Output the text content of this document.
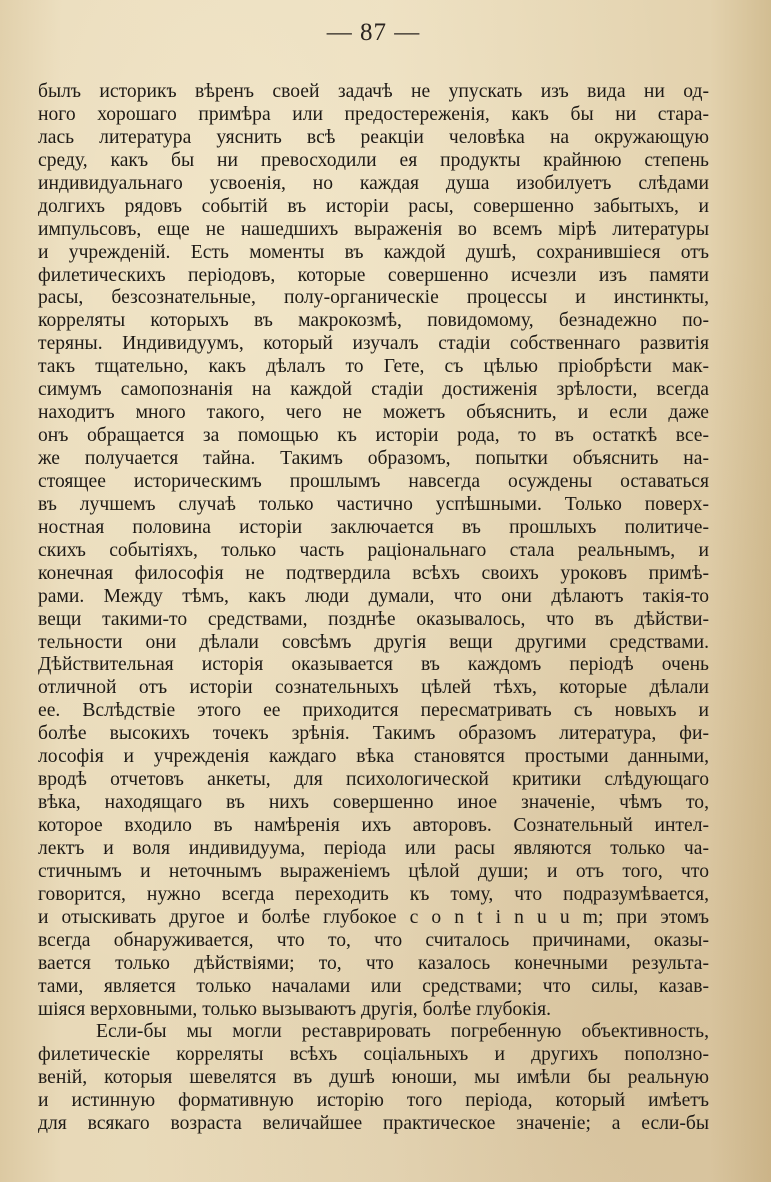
— 87 —
былъ историкъ вѣренъ своей задачѣ не упускать изъ вида ни од-
ного хорошаго примѣра или предостереженія, какъ бы ни стара-
лась литература уяснить всѣ реакціи человѣка на окружающую
среду, какъ бы ни превосходили ея продукты крайнюю степень
индивидуальнаго усвоенія, но каждая душа изобилуетъ слѣдами
долгихъ рядовъ событій въ исторіи расы, совершенно забытыхъ, и
импульсовъ, еще не нашедшихъ выраженія во всемъ мірѣ литературы
и учрежденій. Есть моменты въ каждой душѣ, сохранившіеся отъ
филетическихъ періодовъ, которые совершенно исчезли изъ памяти
расы, безсознательные, полу-органическіе процессы и инстинкты,
корреляты которыхъ въ макрокозмѣ, повидомому, безнадежно по-
теряны. Индивидуумъ, который изучалъ стадіи собственнаго развитія
такъ тщательно, какъ дѣлалъ то Гете, съ цѣлью пріобрѣсти мак-
симумъ самопознанія на каждой стадіи достиженія зрѣлости, всегда
находитъ много такого, чего не можетъ объяснить, и если даже
онъ обращается за помощью къ исторіи рода, то въ остаткѣ все-
же получается тайна. Такимъ образомъ, попытки объяснить на-
стоящее историческимъ прошлымъ навсегда осуждены оставаться
въ лучшемъ случаѣ только частично успѣшными. Только поверх-
ностная половина исторіи заключается въ прошлыхъ политиче-
скихъ событіяхъ, только часть раціональнаго стала реальнымъ, и
конечная философія не подтвердила всѣхъ своихъ уроковъ примѣ-
рами. Между тѣмъ, какъ люди думали, что они дѣлаютъ такія-то
вещи такими-то средствами, позднѣе оказывалось, что въ дѣйстви-
тельности они дѣлали совсѣмъ другія вещи другими средствами.
Дѣйствительная исторія оказывается въ каждомъ періодѣ очень
отличной отъ исторіи сознательныхъ цѣлей тѣхъ, которые дѣлали
ее. Вслѣдствіе этого ее приходится пересматривать съ новыхъ и
болѣе высокихъ точекъ зрѣнія. Такимъ образомъ литература, фи-
лософія и учрежденія каждаго вѣка становятся простыми данными,
вродѣ отчетовъ анкеты, для психологической критики слѣдующаго
вѣка, находящаго въ нихъ совершенно иное значеніе, чѣмъ то,
которое входило въ намѣренія ихъ авторовъ. Сознательный интел-
лектъ и воля индивидуума, періода или расы являются только ча-
стичнымъ и неточнымъ выраженіемъ цѣлой души; и отъ того, что
говорится, нужно всегда переходить къ тому, что подразумѣвается,
и отыскивать другое и болѣе глубокое c o n t i n u u m; при этомъ
всегда обнаруживается, что то, что считалось причинами, оказы-
вается только дѣйствіями; то, что казалось конечными результа-
тами, является только началами или средствами; что силы, казав-
шіяся верховными, только вызываютъ другія, болѣе глубокія.
Если-бы мы могли реставрировать погребенную объективность,
филетическіе корреляты всѣхъ соціальныхъ и другихъ поползно-
веній, которыя шевелятся въ душѣ юноши, мы имѣли бы реальную
и истинную формативную исторію того періода, который имѣетъ
для всякаго возраста величайшее практическое значеніе; а если-бы
